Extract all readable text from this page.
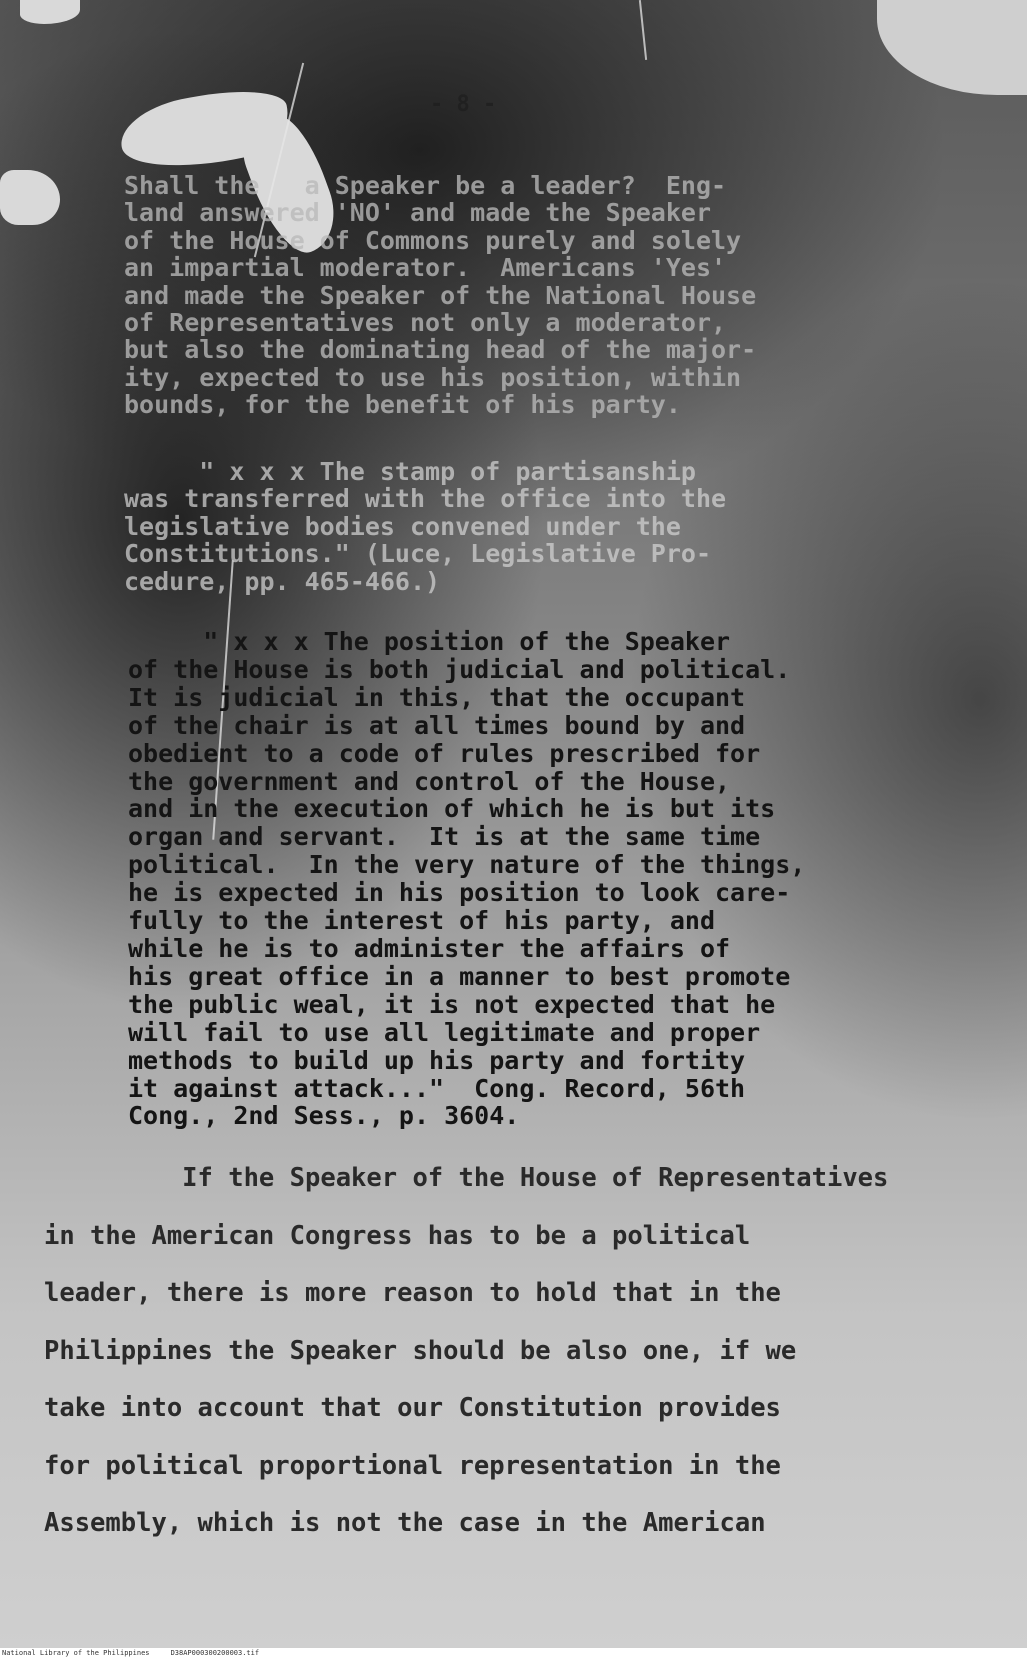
- 8 -

Shall the   a Speaker be a leader?  Eng-
land answered 'NO' and made the Speaker
of the House of Commons purely and solely
an impartial moderator.  Americans 'Yes'
and made the Speaker of the National House
of Representatives not only a moderator,
but also the dominating head of the major-
ity, expected to use his position, within
bounds, for the benefit of his party.

" x x x The stamp of partisanship
was transferred with the office into the
legislative bodies convened under the
Constitutions." (Luce, Legislative Pro-
cedure, pp. 465-466.)

" x x x The position of the Speaker
of the House is both judicial and political.
It is judicial in this, that the occupant
of the chair is at all times bound by and
obedient to a code of rules prescribed for
the government and control of the House,
and in the execution of which he is but its
organ and servant.  It is at the same time
political.  In the very nature of the things,
he is expected in his position to look care-
fully to the interest of his party, and
while he is to administer the affairs of
his great office in a manner to best promote
the public weal, it is not expected that he
will fail to use all legitimate and proper
methods to build up his party and fortity
it against attack..."  Cong. Record, 56th
Cong., 2nd Sess., p. 3604.

If the Speaker of the House of Representatives
in the American Congress has to be a political
leader, there is more reason to hold that in the
Philippines the Speaker should be also one, if we
take into account that our Constitution provides
for political proportional representation in the
Assembly, which is not the case in the American

National Library of the Philippines     D38AP000300200003.tif
